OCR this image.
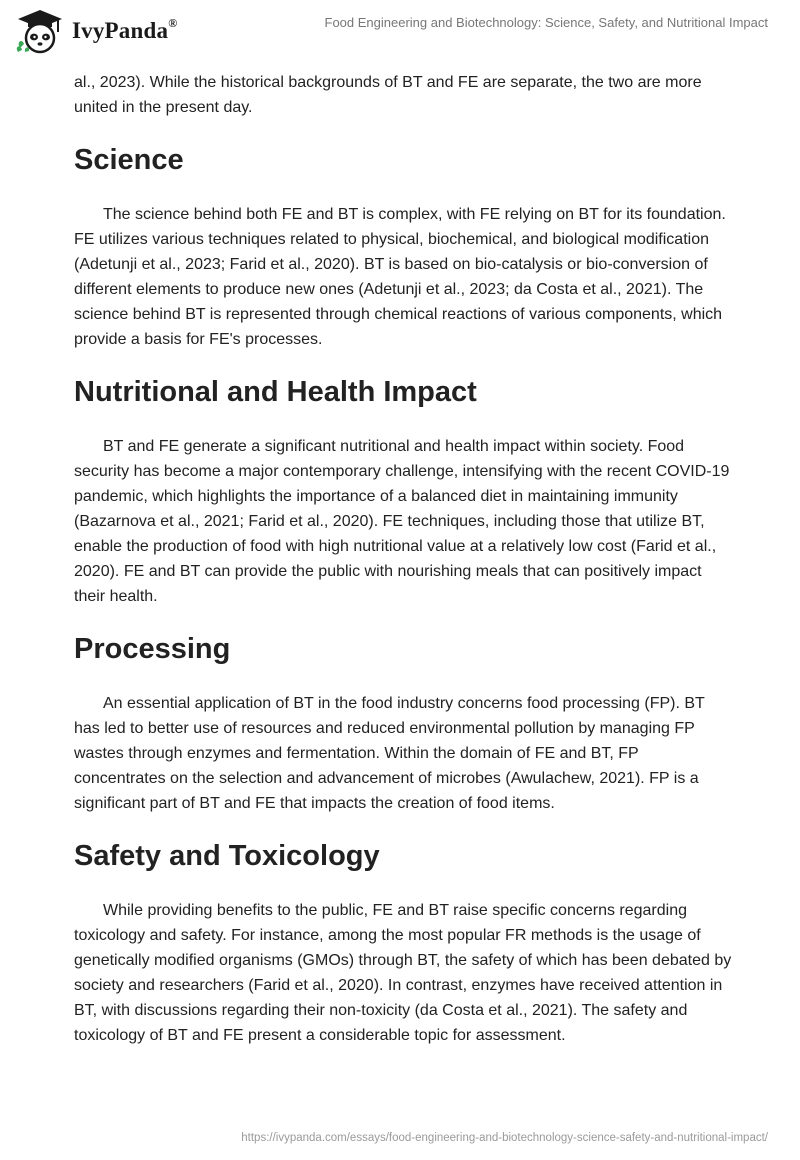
IvyPanda®	Food Engineering and Biotechnology: Science, Safety, and Nutritional Impact

al., 2023). While the historical backgrounds of BT and FE are separate, the two are more united in the present day.

Science

The science behind both FE and BT is complex, with FE relying on BT for its foundation. FE utilizes various techniques related to physical, biochemical, and biological modification (Adetunji et al., 2023; Farid et al., 2020). BT is based on bio-catalysis or bio-conversion of different elements to produce new ones (Adetunji et al., 2023; da Costa et al., 2021). The science behind BT is represented through chemical reactions of various components, which provide a basis for FE's processes.

Nutritional and Health Impact

BT and FE generate a significant nutritional and health impact within society. Food security has become a major contemporary challenge, intensifying with the recent COVID-19 pandemic, which highlights the importance of a balanced diet in maintaining immunity (Bazarnova et al., 2021; Farid et al., 2020). FE techniques, including those that utilize BT, enable the production of food with high nutritional value at a relatively low cost (Farid et al., 2020). FE and BT can provide the public with nourishing meals that can positively impact their health.

Processing

An essential application of BT in the food industry concerns food processing (FP). BT has led to better use of resources and reduced environmental pollution by managing FP wastes through enzymes and fermentation. Within the domain of FE and BT, FP concentrates on the selection and advancement of microbes (Awulachew, 2021). FP is a significant part of BT and FE that impacts the creation of food items.

Safety and Toxicology

While providing benefits to the public, FE and BT raise specific concerns regarding toxicology and safety. For instance, among the most popular FR methods is the usage of genetically modified organisms (GMOs) through BT, the safety of which has been debated by society and researchers (Farid et al., 2020). In contrast, enzymes have received attention in BT, with discussions regarding their non-toxicity (da Costa et al., 2021). The safety and toxicology of BT and FE present a considerable topic for assessment.

https://ivypanda.com/essays/food-engineering-and-biotechnology-science-safety-and-nutritional-impact/
